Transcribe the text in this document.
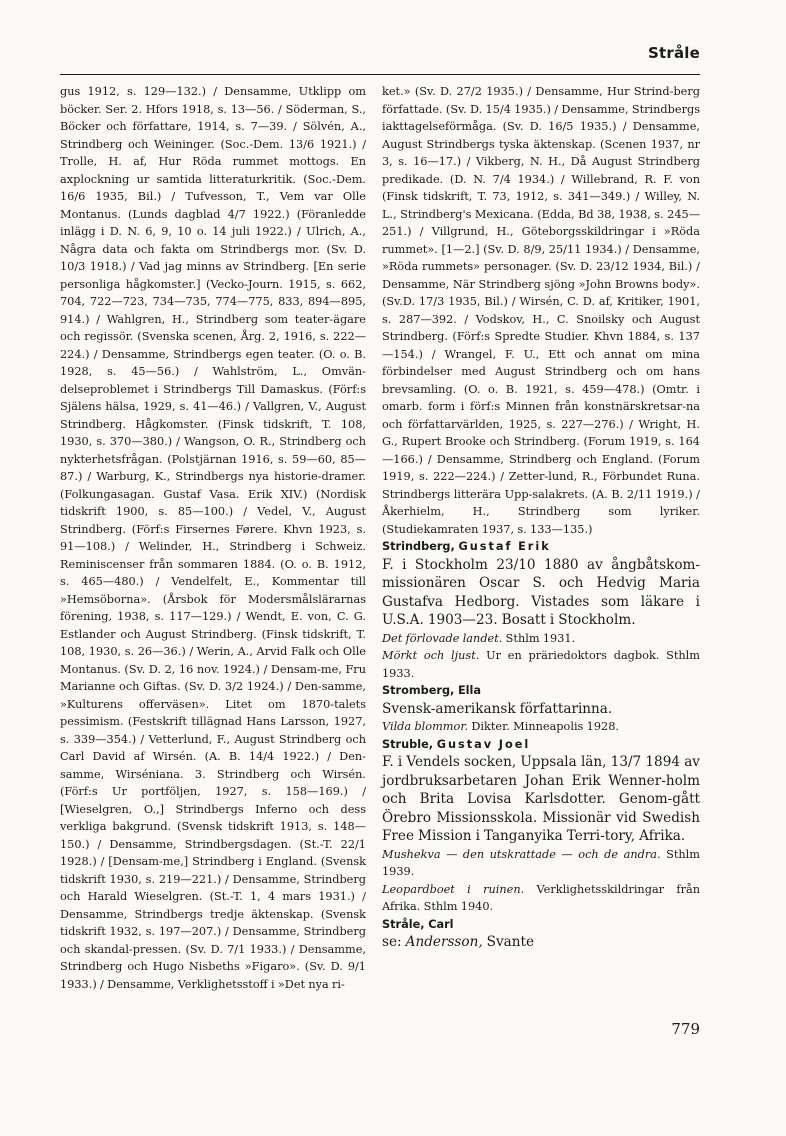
Stråle

gus 1912, s. 129—132.) / Densamme, Utklipp om böcker. Ser. 2. Hfors 1918, s. 13—56. / Söderman, S., Böcker och författare, 1914, s. 7—39. / Sölvén, A., Strindberg och Weininger. (Soc.-Dem. 13/6 1921.) / Trolle, H. af, Hur Röda rummet mottogs. En axplockning ur samtida litteraturkritik. (Soc.-Dem. 16/6 1935, Bil.) / Tufvesson, T., Vem var Olle Montanus. (Lunds dagblad 4/7 1922.) (Föranledde inlägg i D. N. 6, 9, 10 o. 14 juli 1922.) / Ulrich, A., Några data och fakta om Strindbergs mor. (Sv. D. 10/3 1918.) / Vad jag minns av Strindberg. [En serie personliga hågkomster.] (Vecko-Journ. 1915, s. 662, 704, 722—723, 734—735, 774—775, 833, 894—895, 914.) / Wahlgren, H., Strindberg som teater-ägare och regissör. (Svenska scenen, Årg. 2, 1916, s. 222—224.) / Densamme, Strindbergs egen teater. (O. o. B. 1928, s. 45—56.) / Wahlström, L., Omvän-delseproblemet i Strindbergs Till Damaskus. (Förf:s Själens hälsa, 1929, s. 41—46.) / Vallgren, V., August Strindberg. Hågkomster. (Finsk tidskrift, T. 108, 1930, s. 370—380.) / Wangson, O. R., Strindberg och nykterhetsfrågan. (Polstjärnan 1916, s. 59—60, 85—87.) / Warburg, K., Strindbergs nya historie-dramer. (Folkungasagan. Gustaf Vasa. Erik XIV.) (Nordisk tidskrift 1900, s. 85—100.) / Vedel, V., August Strindberg. (Förf:s Firsernes Førere. Khvn 1923, s. 91—108.) / Welinder, H., Strindberg i Schweiz. Reminiscenser från sommaren 1884. (O. o. B. 1912, s. 465—480.) / Vendelfelt, E., Kommentar till »Hemsöborna». (Årsbok för Modersmålslärarnas förening, 1938, s. 117—129.) / Wendt, E. von, C. G. Estlander och August Strindberg. (Finsk tidskrift, T. 108, 1930, s. 26—36.) / Werin, A., Arvid Falk och Olle Montanus. (Sv. D. 2, 16 nov. 1924.) / Densam-me, Fru Marianne och Giftas. (Sv. D. 3/2 1924.) / Den-samme, »Kulturens offerväsen». Litet om 1870-talets pessimism. (Festskrift tillägnad Hans Larsson, 1927, s. 339—354.) / Vetterlund, F., August Strindberg och Carl David af Wirsén. (A. B. 14/4 1922.) / Den-samme, Wirséniana. 3. Strindberg och Wirsén. (Förf:s Ur portföljen, 1927, s. 158—169.) / [Wieselgren, O.,] Strindbergs Inferno och dess verkliga bakgrund. (Svensk tidskrift 1913, s. 148—150.) / Densamme, Strindbergsdagen. (St.-T. 22/1 1928.) / [Densam-me,] Strindberg i England. (Svensk tidskrift 1930, s. 219—221.) / Densamme, Strindberg och Harald Wieselgren. (St.-T. 1, 4 mars 1931.) / Densamme, Strindbergs tredje äktenskap. (Svensk tidskrift 1932, s. 197—207.) / Densamme, Strindberg och skandal-pressen. (Sv. D. 7/1 1933.) / Densamme, Strindberg och Hugo Nisbeths »Figaro». (Sv. D. 9/1 1933.) / Densamme, Verklighetsstoff i »Det nya ri-

ket.» (Sv. D. 27/2 1935.) / Densamme, Hur Strind-berg författade. (Sv. D. 15/4 1935.) / Densamme, Strindbergs iakttagelseförmåga. (Sv. D. 16/5 1935.) / Densamme, August Strindbergs tyska äktenskap. (Scenen 1937, nr 3, s. 16—17.) / Vikberg, N. H., Då August Strindberg predikade. (D. N. 7/4 1934.) / Willebrand, R. F. von (Finsk tidskrift, T. 73, 1912, s. 341—349.) / Willey, N. L., Strindberg's Mexicana. (Edda, Bd 38, 1938, s. 245—251.) / Villgrund, H., Göteborgsskildringar i »Röda rummet». [1—2.] (Sv. D. 8/9, 25/11 1934.) / Densamme, »Röda rummets» personager. (Sv. D. 23/12 1934, Bil.) / Densamme, När Strindberg sjöng »John Browns body». (Sv.D. 17/3 1935, Bil.) / Wirsén, C. D. af, Kritiker, 1901, s. 287—392. / Vodskov, H., C. Snoilsky och August Strindberg. (Förf:s Spredte Studier. Khvn 1884, s. 137—154.) / Wrangel, F. U., Ett och annat om mina förbindelser med August Strindberg och om hans brevsamling. (O. o. B. 1921, s. 459—478.) (Omtr. i omarb. form i förf:s Minnen från konstnärskretsar-na och författarvärlden, 1925, s. 227—276.) / Wright, H. G., Rupert Brooke och Strindberg. (Forum 1919, s. 164—166.) / Densamme, Strindberg och England. (Forum 1919, s. 222—224.) / Zetter-lund, R., Förbundet Runa. Strindbergs litterära Upp-salakrets. (A. B. 2/11 1919.) / Åkerhielm, H., Strindberg som lyriker. (Studiekamraten 1937, s. 133—135.)

Strindberg, Gustaf Erik

F. i Stockholm 23/10 1880 av ångbåtskom-missionären Oscar S. och Hedvig Maria Gustafva Hedborg. Vistades som läkare i U.S.A. 1903—23. Bosatt i Stockholm.

Det förlovade landet. Sthlm 1931.

Mörkt och ljust. Ur en präriedoktors dagbok. Sthlm 1933.

Stromberg, Ella

Svensk-amerikansk författarinna.

Vilda blommor. Dikter. Minneapolis 1928.

Struble, Gustav Joel

F. i Vendels socken, Uppsala län, 13/7 1894 av jordbruksarbetaren Johan Erik Wenner-holm och Brita Lovisa Karlsdotter. Genom-gått Örebro Missionsskola. Missionär vid Swedish Free Mission i Tanganyika Terri-tory, Afrika.

Mushekva — den utskrattade — och de andra. Sthlm 1939.

Leopardboet i ruinen. Verklighetsskildringar från Afrika. Sthlm 1940.

Stråle, Carl

se: Andersson, Svante

779
